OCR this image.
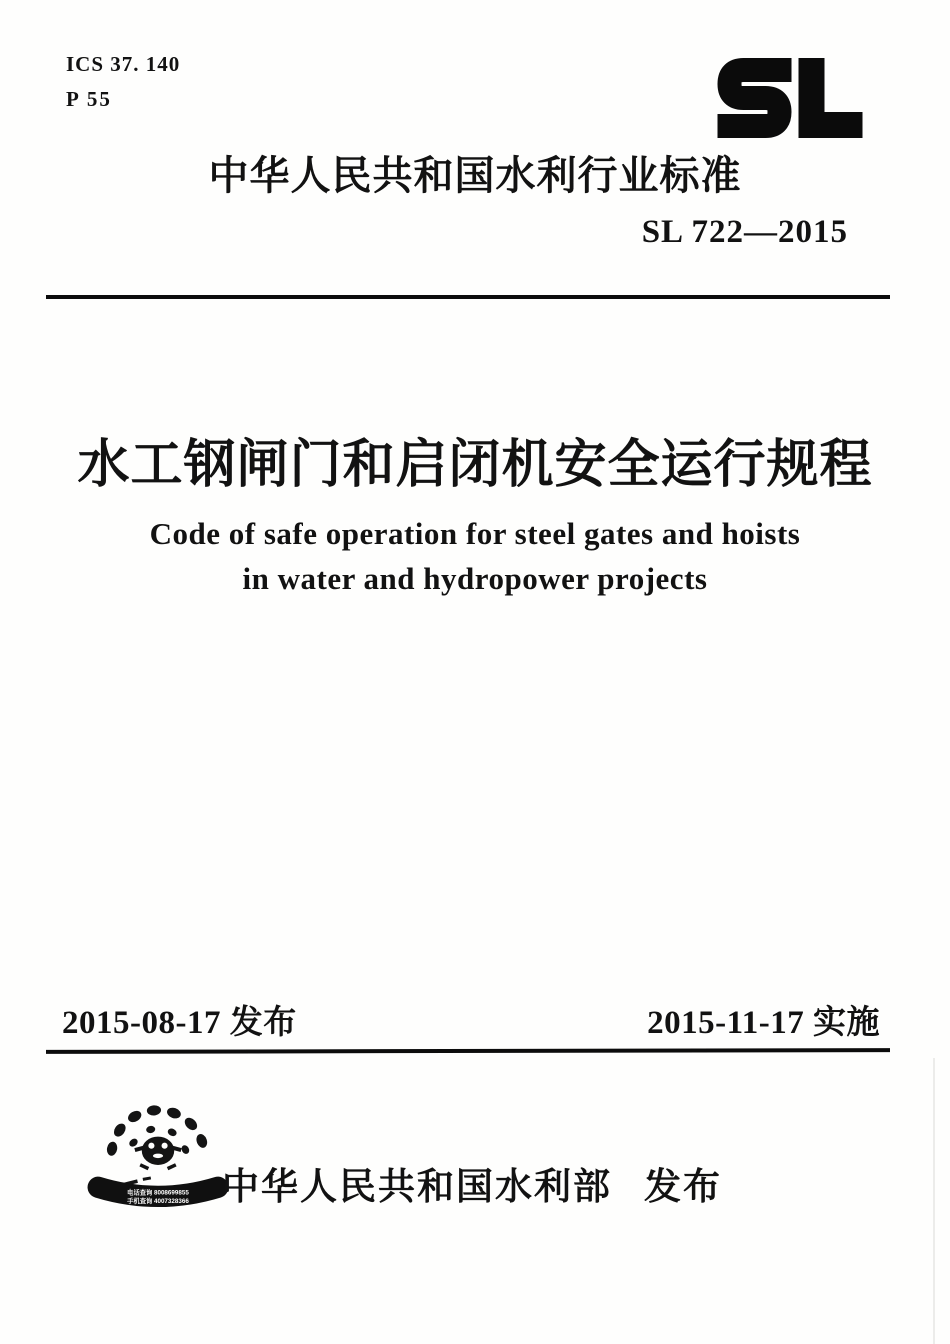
ICS 37. 140
P 55
中华人民共和国水利行业标准
SL 722—2015
水工钢闸门和启闭机安全运行规程
Code of safe operation for steel gates and hoists
in water and hydropower projects
2015-08-17 发布	2015-11-17 实施
电话查询 8008699855
手机查询 4007328366 中华人民共和国水利部 发布
